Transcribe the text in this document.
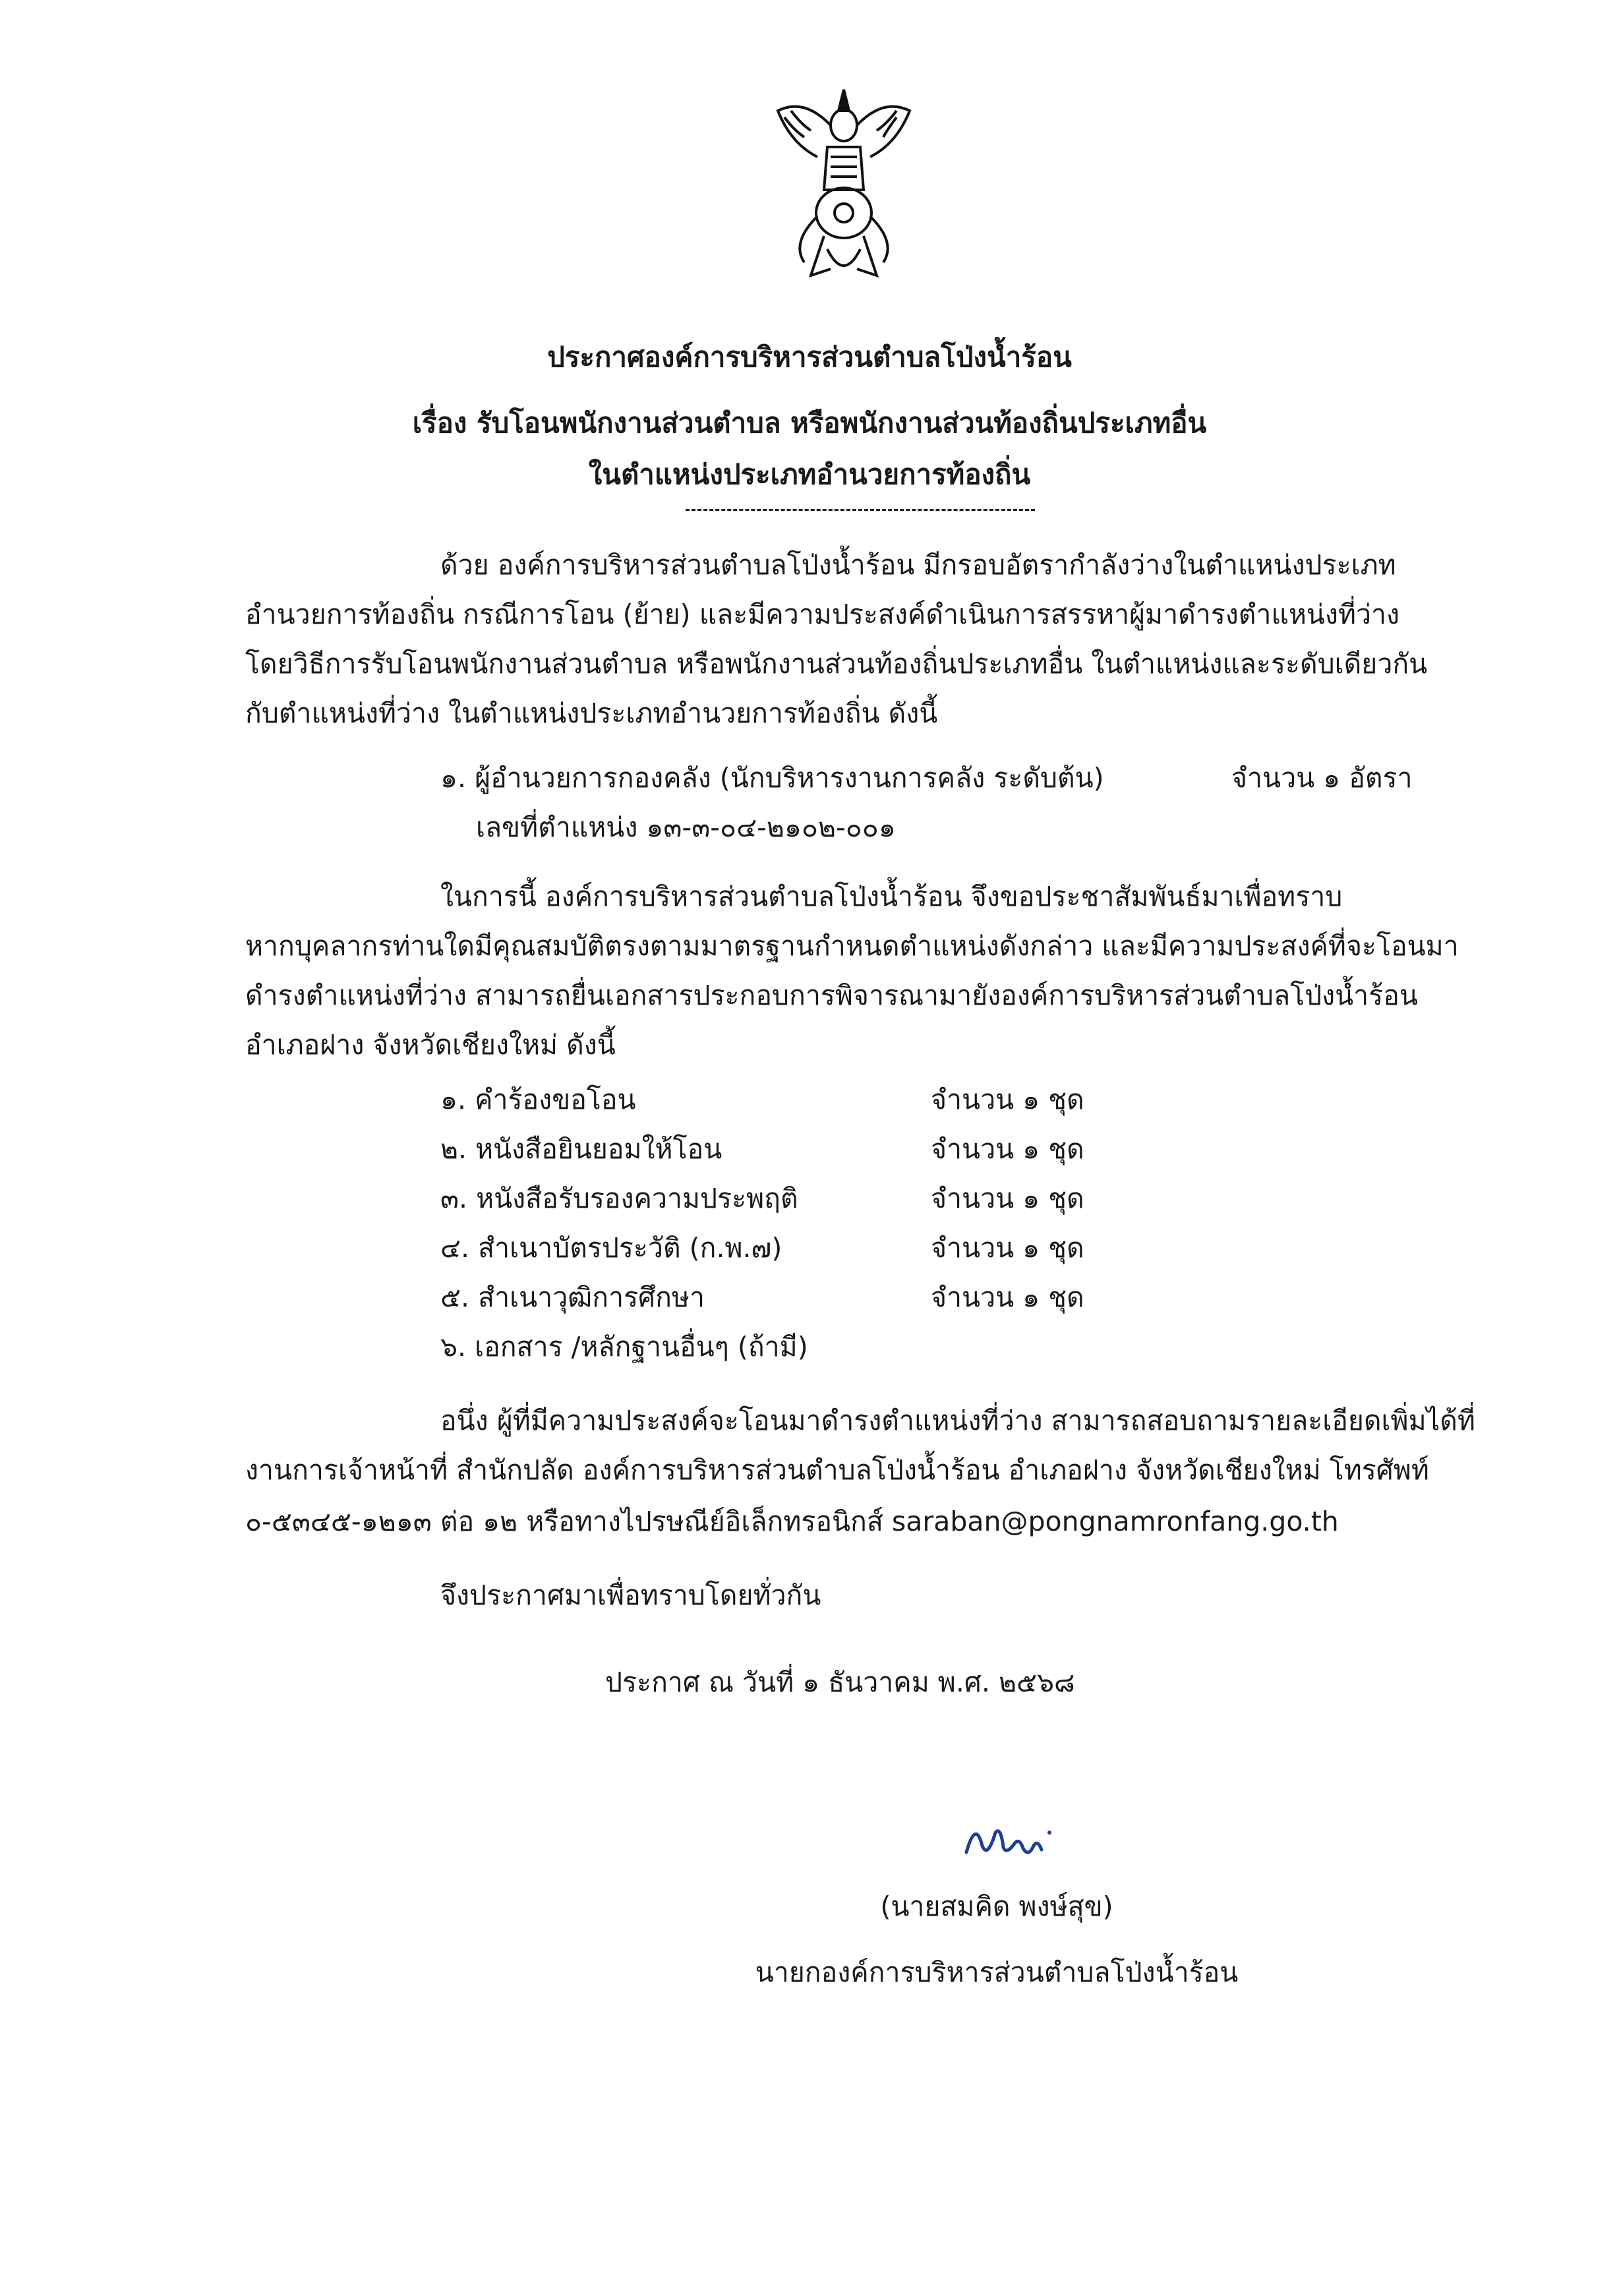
ประกาศองค์การบริหารส่วนตำบลโป่งน้ำร้อน
เรื่อง รับโอนพนักงานส่วนตำบล หรือพนักงานส่วนท้องถิ่นประเภทอื่น
ในตำแหน่งประเภทอำนวยการท้องถิ่น
ด้วย องค์การบริหารส่วนตำบลโป่งน้ำร้อน มีกรอบอัตรากำลังว่างในตำแหน่งประเภท
อำนวยการท้องถิ่น กรณีการโอน (ย้าย) และมีความประสงค์ดำเนินการสรรหาผู้มาดำรงตำแหน่งที่ว่าง
โดยวิธีการรับโอนพนักงานส่วนตำบล หรือพนักงานส่วนท้องถิ่นประเภทอื่น ในตำแหน่งและระดับเดียวกัน
กับตำแหน่งที่ว่าง ในตำแหน่งประเภทอำนวยการท้องถิ่น ดังนี้
๑. ผู้อำนวยการกองคลัง (นักบริหารงานการคลัง ระดับต้น)	จำนวน ๑ อัตรา
เลขที่ตำแหน่ง ๑๓-๓-๐๔-๒๑๐๒-๐๐๑
ในการนี้ องค์การบริหารส่วนตำบลโป่งน้ำร้อน จึงขอประชาสัมพันธ์มาเพื่อทราบ
หากบุคลากรท่านใดมีคุณสมบัติตรงตามมาตรฐานกำหนดตำแหน่งดังกล่าว และมีความประสงค์ที่จะโอนมา
ดำรงตำแหน่งที่ว่าง สามารถยื่นเอกสารประกอบการพิจารณามายังองค์การบริหารส่วนตำบลโป่งน้ำร้อน
อำเภอฝาง จังหวัดเชียงใหม่ ดังนี้
๑. คำร้องขอโอน	จำนวน ๑ ชุด
๒. หนังสือยินยอมให้โอน	จำนวน ๑ ชุด
๓. หนังสือรับรองความประพฤติ	จำนวน ๑ ชุด
๔. สำเนาบัตรประวัติ (ก.พ.๗)	จำนวน ๑ ชุด
๕. สำเนาวุฒิการศึกษา	จำนวน ๑ ชุด
๖. เอกสาร /หลักฐานอื่นๆ (ถ้ามี)
อนึ่ง ผู้ที่มีความประสงค์จะโอนมาดำรงตำแหน่งที่ว่าง สามารถสอบถามรายละเอียดเพิ่มได้ที่
งานการเจ้าหน้าที่ สำนักปลัด องค์การบริหารส่วนตำบลโป่งน้ำร้อน อำเภอฝาง จังหวัดเชียงใหม่ โทรศัพท์
๐-๕๓๔๕-๑๒๑๓ ต่อ ๑๒ หรือทางไปรษณีย์อิเล็กทรอนิกส์ saraban@pongnamronfang.go.th
จึงประกาศมาเพื่อทราบโดยทั่วกัน
ประกาศ ณ วันที่ ๑ ธันวาคม พ.ศ. ๒๕๖๘
(นายสมคิด พงษ์สุข)
นายกองค์การบริหารส่วนตำบลโป่งน้ำร้อน
